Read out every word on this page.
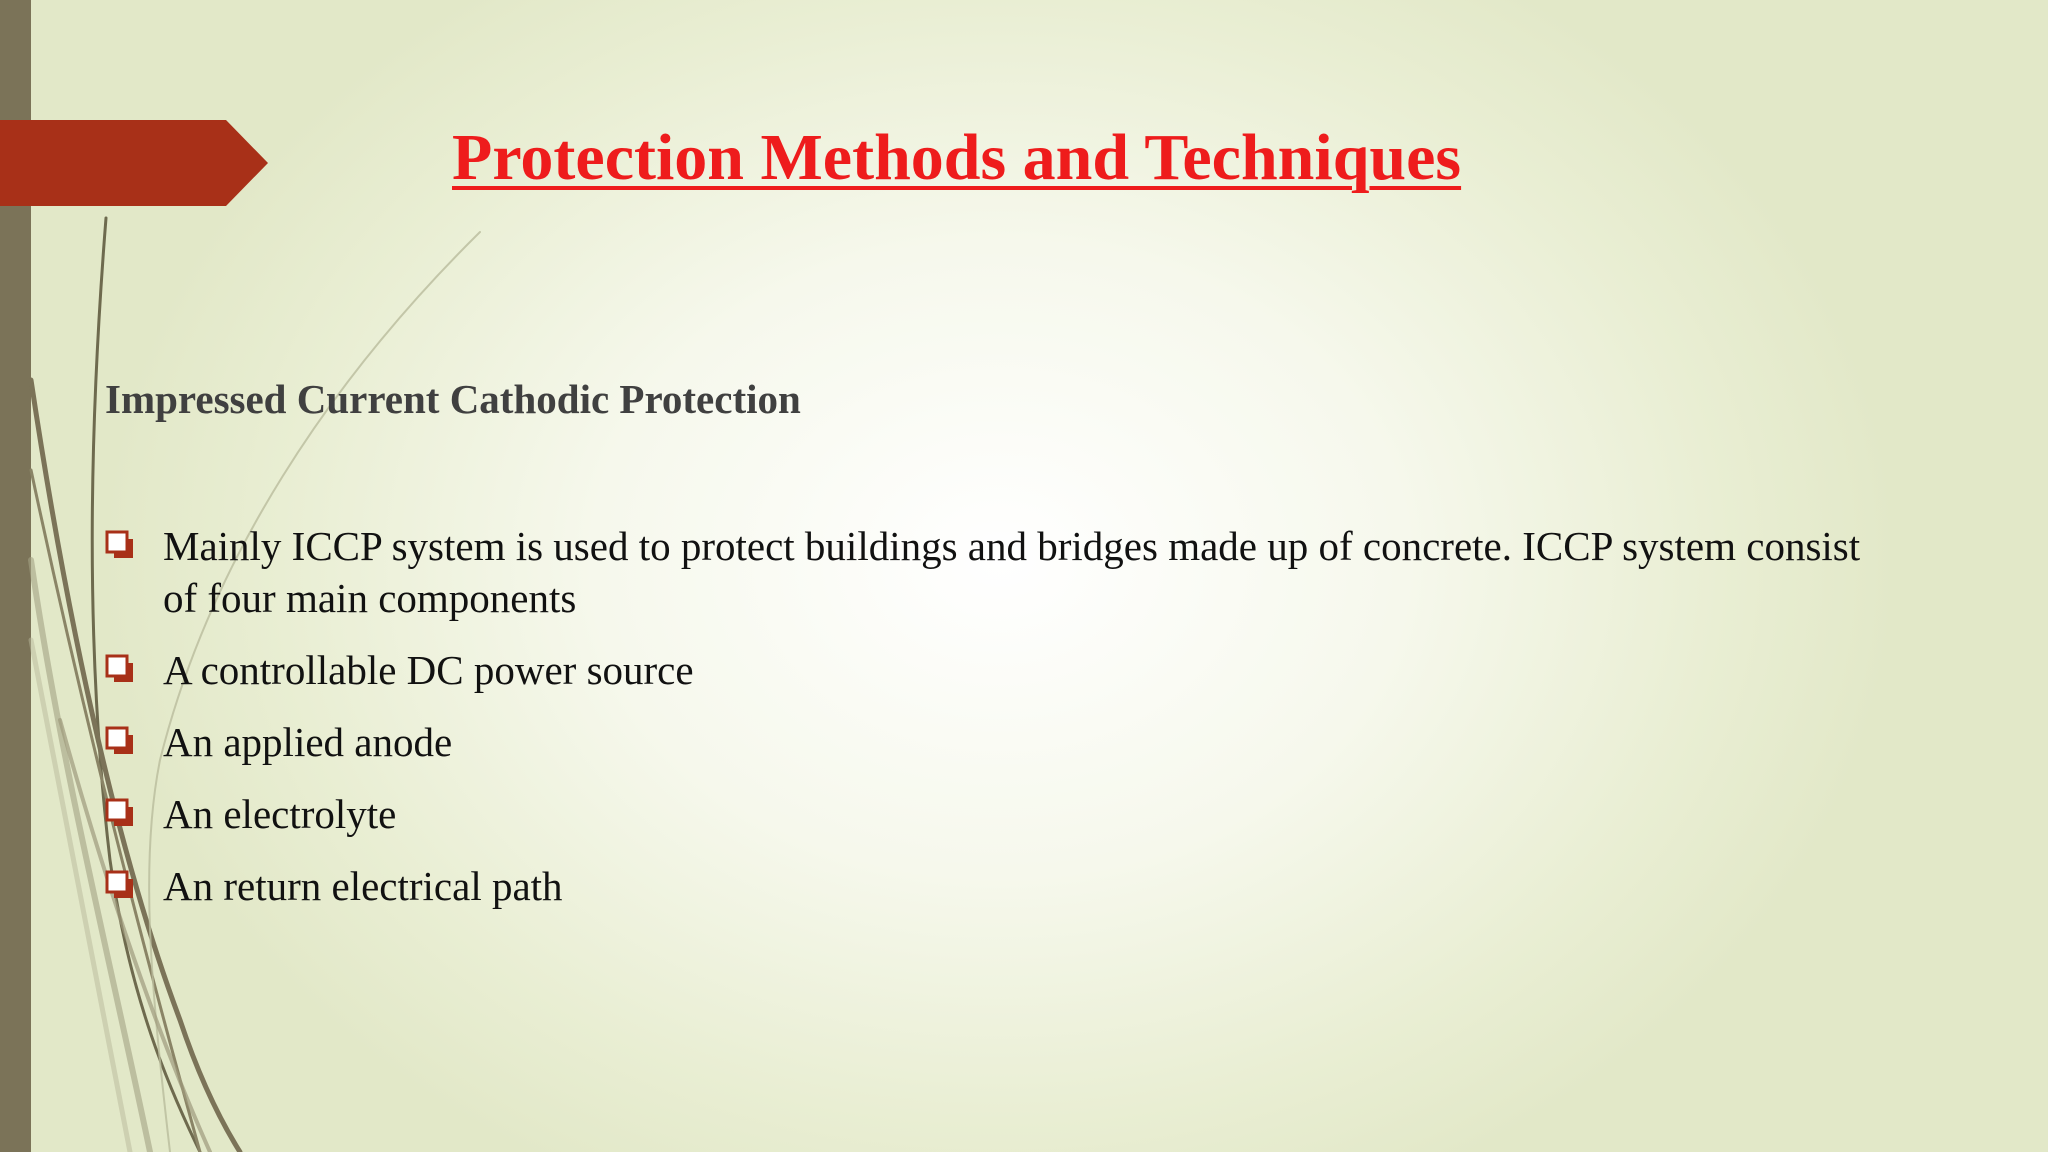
Protection Methods and Techniques
Impressed Current Cathodic Protection
Mainly ICCP system is used to protect buildings and bridges made up of concrete. ICCP system consist of four main components
A controllable DC power source
An applied anode
An electrolyte
An return electrical path
